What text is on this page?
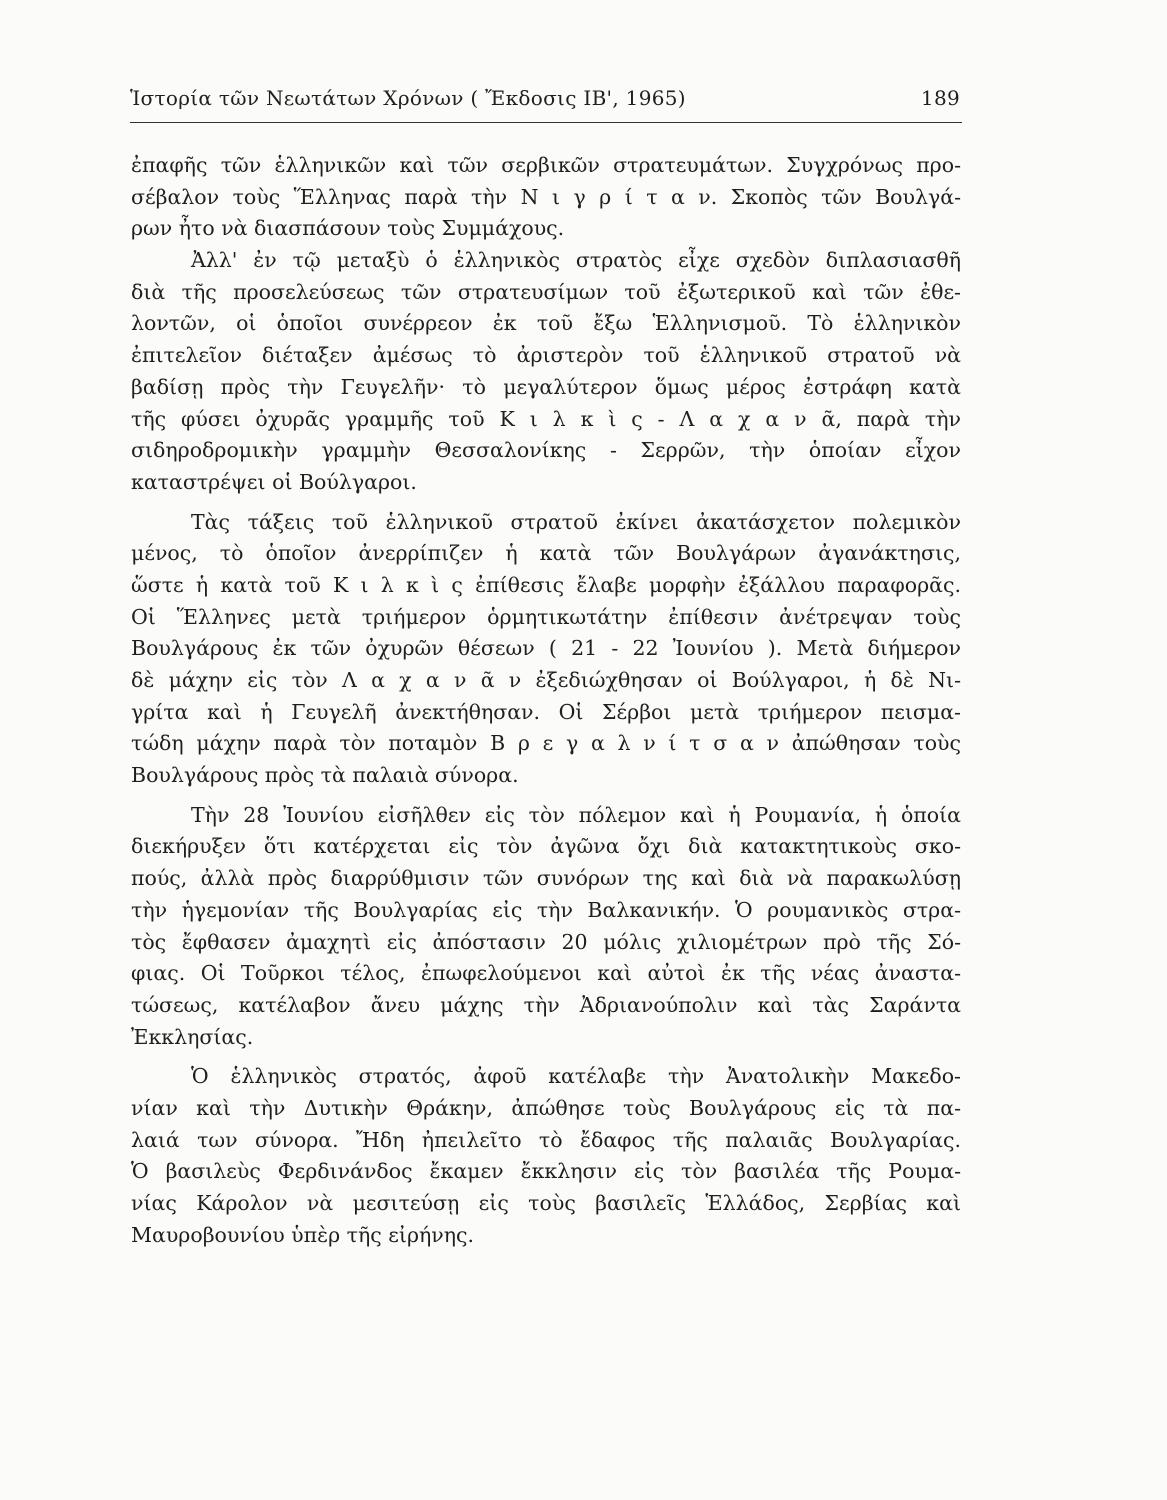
Ἱστορία τῶν Νεωτάτων Χρόνων ( Ἔκδοσις ΙΒ', 1965)	189
ἐπαφῆς τῶν ἑλληνικῶν καὶ τῶν σερβικῶν στρατευμάτων. Συγχρόνως προ-
σέβαλον τοὺς Ἕλληνας παρὰ τὴν Ν ι γ ρ ί τ α ν. Σκοπὸς τῶν Βουλγά-
ρων ἦτο νὰ διασπάσουν τοὺς Συμμάχους.
Ἀλλ' ἐν τῷ μεταξὺ ὁ ἑλληνικὸς στρατὸς εἶχε σχεδὸν διπλασιασθῆ
διὰ τῆς προσελεύσεως τῶν στρατευσίμων τοῦ ἐξωτερικοῦ καὶ τῶν ἐθε-
λοντῶν, οἱ ὁποῖοι συνέρρεον ἐκ τοῦ ἔξω Ἑλληνισμοῦ. Τὸ ἑλληνικὸν
ἐπιτελεῖον διέταξεν ἀμέσως τὸ ἀριστερὸν τοῦ ἑλληνικοῦ στρατοῦ νὰ
βαδίσῃ πρὸς τὴν Γευγελῆν· τὸ μεγαλύτερον ὅμως μέρος ἐστράφη κατὰ
τῆς φύσει ὀχυρᾶς γραμμῆς τοῦ Κ ι λ κ ὶ ς - Λ α χ α ν ᾶ, παρὰ τὴν
σιδηροδρομικὴν γραμμὴν Θεσσαλονίκης - Σερρῶν, τὴν ὁποίαν εἶχον
καταστρέψει οἱ Βούλγαροι.
Τὰς τάξεις τοῦ ἑλληνικοῦ στρατοῦ ἐκίνει ἀκατάσχετον πολεμικὸν
μένος, τὸ ὁποῖον ἀνερρίπιζεν ἡ κατὰ τῶν Βουλγάρων ἀγανάκτησις,
ὥστε ἡ κατὰ τοῦ Κ ι λ κ ὶ ς ἐπίθεσις ἔλαβε μορφὴν ἐξάλλου παραφορᾶς.
Οἱ Ἕλληνες μετὰ τριήμερον ὁρμητικωτάτην ἐπίθεσιν ἀνέτρεψαν τοὺς
Βουλγάρους ἐκ τῶν ὀχυρῶν θέσεων ( 21 - 22 Ἰουνίου ). Μετὰ διήμερον
δὲ μάχην εἰς τὸν Λ α χ α ν ᾶ ν ἐξεδιώχθησαν οἱ Βούλγαροι, ἡ δὲ Νι-
γρίτα καὶ ἡ Γευγελῆ ἀνεκτήθησαν. Οἱ Σέρβοι μετὰ τριήμερον πεισμα-
τώδη μάχην παρὰ τὸν ποταμὸν Β ρ ε γ α λ ν ί τ σ α ν ἀπώθησαν τοὺς
Βουλγάρους πρὸς τὰ παλαιὰ σύνορα.
Τὴν 28 Ἰουνίου εἰσῆλθεν εἰς τὸν πόλεμον καὶ ἡ Ρουμανία, ἡ ὁποία
διεκήρυξεν ὅτι κατέρχεται εἰς τὸν ἀγῶνα ὄχι διὰ κατακτητικοὺς σκο-
πούς, ἀλλὰ πρὸς διαρρύθμισιν τῶν συνόρων της καὶ διὰ νὰ παρακωλύσῃ
τὴν ἡγεμονίαν τῆς Βουλγαρίας εἰς τὴν Βαλκανικήν. Ὁ ρουμανικὸς στρα-
τὸς ἔφθασεν ἀμαχητὶ εἰς ἀπόστασιν 20 μόλις χιλιομέτρων πρὸ τῆς Σό-
φιας. Οἱ Τοῦρκοι τέλος, ἐπωφελούμενοι καὶ αὐτοὶ ἐκ τῆς νέας ἀναστα-
τώσεως, κατέλαβον ἄνευ μάχης τὴν Ἀδριανούπολιν καὶ τὰς Σαράντα
Ἐκκλησίας.
Ὁ ἑλληνικὸς στρατός, ἀφοῦ κατέλαβε τὴν Ἀνατολικὴν Μακεδο-
νίαν καὶ τὴν Δυτικὴν Θράκην, ἀπώθησε τοὺς Βουλγάρους εἰς τὰ πα-
λαιά των σύνορα. Ἤδη ἠπειλεῖτο τὸ ἔδαφος τῆς παλαιᾶς Βουλγαρίας.
Ὁ βασιλεὺς Φερδινάνδος ἔκαμεν ἔκκλησιν εἰς τὸν βασιλέα τῆς Ρουμα-
νίας Κάρολον νὰ μεσιτεύσῃ εἰς τοὺς βασιλεῖς Ἑλλάδος, Σερβίας καὶ
Μαυροβουνίου ὑπὲρ τῆς εἰρήνης.
